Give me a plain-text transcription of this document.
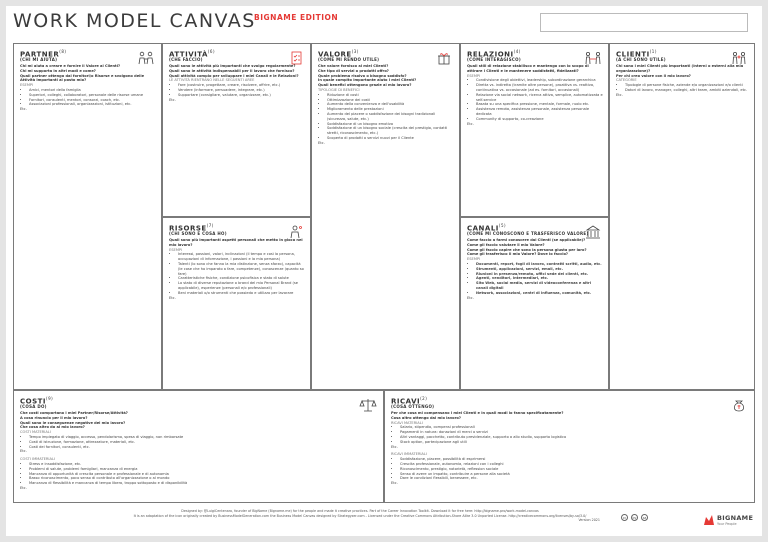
WORK MODEL CANVAS
BIGNAME EDITION
PARTNER$^{(8)}$
(CHI MI AIUTA)

Chi mi aiuta a creare e fornire il Valore ai Clienti?

Chi mi supporta in altri modi e come?

Quali partner ottengo dai fornitori/o Risorse e svolgono delle Attività importanti al posto mio?

ESEMPI

• Amici, mentori della famiglia
• Superiori, colleghi, collaboratori, personale delle risorse umane
• Fornitori, consulenti, mentori, consorzi, coach, etc.
• Associazioni professionali, organizzazioni, istituzioni, etc.

Etc.

ATTIVITÀ$^{(6)}$
(CHE FACCIO)

Quali sono le attività più importanti che svolgo regolarmente?

Quali sono le attività indispensabili per il lavoro che fornisco?

Quali attività compio per sviluppare i miei Canali e le Relazioni?

LE ATTIVITÀ RIENTRANO NELLE SEGUENTI AREE

• Fare (costruire, progettare, creare, risolvere, offrire, etc.)
• Vendere (informare, persuadere, integrare, etc.)
• Supportare (consigliare, valutare, organizzare, etc.)

Etc.

RISORSE$^{(7)}$
(CHI SONO E COSA HO)

Quali sono più importanti aspetti personali che metto in gioco nel mio lavoro?

ESEMPI

• Interessi, passioni, valori, inclinazioni (il tempo e così la persona, occupazioni di informazione, i passioni e la mia persona)
• Talenti (lo sono che fanno la mia distinzione, senza sforzo), capacità (le cose che ho imparato a fare, competenze), conoscenze (quanto so fare)
• Caratteristiche fisiche, condizione psicofisica e stato di salute
• Lo stato di diverse reputazione o brand del mio Personal Brand (se applicabile), esperienze (personali e/o professionali)
• Beni materiali o/o strumenti che possiedo e utilizzo per lavorare

Etc.

VALORE$^{(3)}$
(COME MI RENDO UTILE)

Che valore fornisco ai miei Clienti?

Che tipo di servizi o prodotti offro?

Quale problema risolvo o bisogno soddisfo?

In quale compito importante aiuto i miei Clienti?

Quali benefici ottengono grazie al mio lavoro?

TIPOLOGIE DI BENEFICI

• Riduzione di costi
• Ottimizzazione dei costi
• Aumento della convenienza e dell'usabilità
• Miglioramento delle prestazioni
• Aumento del piacere o soddisfazione dei bisogni tradizionali (sicurezza, salute, etc.)
• Soddisfazione di un bisogno emotivo
• Soddisfazione di un bisogno sociale (crescita del prestigio, contatti stretti, riconoscimento, etc.)
• Scoperta di prodotti o servizi nuovi per il Cliente

Etc.

RELAZIONI$^{(4)}$
(COME INTERAGISCO)

Quali stili di relazione stabilisco e mantengo con lo scopo di attirare i Clienti e le mantenere soddisfatti, fidelizzati?

ESEMPI

• Condivisione degli obiettivi, leadership, subordinazione gerarchica
• Diretta vs. indiretta (tramite altre persone), proattiva vs. reattiva, continuativa vs. occasionale (ad es. fornitori, occasionali)
• Relazione via social network, ricerca attiva, semplice, automatizzata e self-service
• Basata su una specifica pressione, mentale, formale, ruolo etc.
• Assistenza remota, assistenza personale, assistenza personale dedicata
• Community di supporto, co-creazione

Etc.

CANALI$^{(5)}$
(COME MI CONOSCONO E TRASFERISCO VALORE)

Come faccio a farmi conoscere dai Clienti (se applicabile)?

Come gli faccio valutare il mio Valore?

Come gli faccio capire che sono la persona giusta per loro?

Come gli trasferisco il mio Valore? Dove lo faccio?

ESEMPI

• Documenti, report, fogli di lavoro, contratti scritti, audio, etc.
• Strumenti, applicazioni, servizi, email, etc.
• Riunioni in presenza/remoto, uffici sede dei clienti, etc.
• Agenti, venditori, intermediari, etc.
• Sito Web, social media, servizi di videoconferenza e altri canali digitali
• Network, associazioni, centri di influenza, comunità, etc.

Etc.

CLIENTI$^{(1)}$
(A CHI SONO UTILE)

Chi sono i miei Clienti più importanti (interni o esterni alla mia organizzazione)?

Per chi creo valore con il mio lavoro?

CATEGORIE

• Tipologie di persone fisiche, aziende e/o organizzazioni e/o clienti
• Datori di lavoro, manager, colleghi, altri team, ambiti aziendali, etc.

Etc.

COSTI$^{(9)}$
(COSA DO)

Che costi comportano i miei Partner/Risorse/Attività?

A cosa rinuncio per il mio lavoro?

Quali sono le conseguenze negative del mio lavoro?

Che cosa altro do al mio lavoro?

COSTI MATERIALI

• Tempo impiegato di viaggio, accesso, pendolarismo, spesa di viaggio, non rimborsate
• Costi di istruzione, formazione, attrezzature, materiali, etc.
• Costi dei fornitori, consulenti, etc.

Etc.

COSTI IMMATERIALI

• Stress e insoddisfazione, etc.
• Problemi di salute, problemi famigliari, mancanza di energia
• Mancanza di opportunità di crescita personale e professionale e di autonomia
• Basso riconoscimento, poco senso di contributo all'organizzazione o al mondo
• Mancanza di flessibilità e mancanza di tempo libero, troppo sottoposto e di disponibilità

Etc.

RICAVI$^{(2)}$
(COSA OTTENGO)

Per che cosa mi compensano i miei Clienti e in quali modi lo fanno specificatamente?

Cosa altro ottengo dal mio lavoro?

RICAVI MATERIALI

• Salario, stipendio, compensi professionali
• Pagamenti in natura: donazioni di merci o servizi
• Altri vantaggi, pacchetto, contributo previdenziale, supporto a allo studio, supporto logistico
• Stock option, partecipazione agli utili

Etc.

RICAVI IMMATERIALI

• Soddisfazione, piacere, possibilità di esprimersi
• Crescita professionale, autonomia, relazioni con i colleghi
• Riconoscimento, prestigio, notorietà, reflession sociale
• Senso di avere un impatto, contribuire a persone alla società
• Dare le condizioni flessibili, benessere, etc.

Etc.

Designed by: @LuigiCentenaro, founder of BigName (Bigname.me) for the people and made it creative practices. Part of the Career Innovation Toolkit. Download it for free here: http://bigname.pro/work-model-canvas
It is an adaptation of the icon originally created by BusinessModelGeneration.com the Business Model Canvas designed by Strategyzer.com - Licensed under the Creative Commons Attribution-Share Alike 3.0 Unported License. http://creativecommons.org/licenses/by-sa/3.0/
Version 2021
cc	by	sa	BIGNAME
Your People
